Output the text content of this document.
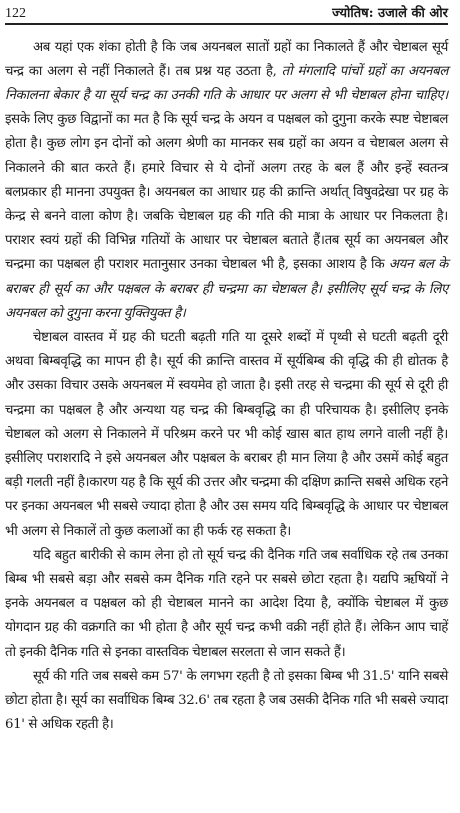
122	ज्योतिष: उजाले की ओर

अब यहां एक शंका होती है कि जब अयनबल सातों ग्रहों का निकालते हैं और चेष्टाबल सूर्य चन्द्र का अलग से नहीं निकालते हैं। तब प्रश्न यह उठता है, तो मंगलादि पांचों ग्रहों का अयनबल निकालना बेकार है या सूर्य चन्द्र का उनकी गति के आधार पर अलग से भी चेष्टाबल होना चाहिए। इसके लिए कुछ विद्वानों का मत है कि सूर्य चन्द्र के अयन व पक्षबल को दुगुना करके स्पष्ट चेष्टाबल होता है। कुछ लोग इन दोनों को अलग श्रेणी का मानकर सब ग्रहों का अयन व चेष्टाबल अलग से निकालने की बात करते हैं। हमारे विचार से ये दोनों अलग तरह के बल हैं और इन्हें स्वतन्त्र बलप्रकार ही मानना उपयुक्त है। अयनबल का आधार ग्रह की क्रान्ति अर्थात् विषुवद्रेखा पर ग्रह के केन्द्र से बनने वाला कोण है। जबकि चेष्टाबल ग्रह की गति की मात्रा के आधार पर निकलता है। पराशर स्वयं ग्रहों की विभिन्न गतियों के आधार पर चेष्टाबल बताते हैं।तब सूर्य का अयनबल और चन्द्रमा का पक्षबल ही पराशर मतानुसार उनका चेष्टाबल भी है, इसका आशय है कि अयन बल के बराबर ही सूर्य का और पक्षबल के बराबर ही चन्द्रमा का चेष्टाबल है। इसीलिए सूर्य चन्द्र के लिए अयनबल को दुगुना करना युक्तियुक्त है।

चेष्टाबल वास्तव में ग्रह की घटती बढ़ती गति या दूसरे शब्दों में पृथ्वी से घटती बढ़ती दूरी अथवा बिम्बवृद्धि का मापन ही है। सूर्य की क्रान्ति वास्तव में सूर्यबिम्ब की वृद्धि की ही द्योतक है और उसका विचार उसके अयनबल में स्वयमेव हो जाता है। इसी तरह से चन्द्रमा की सूर्य से दूरी ही चन्द्रमा का पक्षबल है और अन्यथा यह चन्द्र की बिम्बवृद्धि का ही परिचायक है। इसीलिए इनके चेष्टाबल को अलग से निकालने में परिश्रम करने पर भी कोई खास बात हाथ लगने वाली नहीं है। इसीलिए पराशरादि ने इसे अयनबल और पक्षबल के बराबर ही मान लिया है और उसमें कोई बहुत बड़ी गलती नहीं है।कारण यह है कि सूर्य की उत्तर और चन्द्रमा की दक्षिण क्रान्ति सबसे अधिक रहने पर इनका अयनबल भी सबसे ज्यादा होता है और उस समय यदि बिम्बवृद्धि के आधार पर चेष्टाबल भी अलग से निकालें तो कुछ कलाओं का ही फर्क रह सकता है।

यदि बहुत बारीकी से काम लेना हो तो सूर्य चन्द्र की दैनिक गति जब सर्वाधिक रहे तब उनका बिम्ब भी सबसे बड़ा और सबसे कम दैनिक गति रहने पर सबसे छोटा रहता है। यद्यपि ऋषियों ने इनके अयनबल व पक्षबल को ही चेष्टाबल मानने का आदेश दिया है, क्योंकि चेष्टाबल में कुछ योगदान ग्रह की वक्रगति का भी होता है और सूर्य चन्द्र कभी वक्री नहीं होते हैं। लेकिन आप चाहें तो इनकी दैनिक गति से इनका वास्तविक चेष्टाबल सरलता से जान सकते हैं।

सूर्य की गति जब सबसे कम 57' के लगभग रहती है तो इसका बिम्ब भी 31.5' यानि सबसे छोटा होता है। सूर्य का सर्वाधिक बिम्ब 32.6' तब रहता है जब उसकी दैनिक गति भी सबसे ज्यादा 61' से अधिक रहती है।
